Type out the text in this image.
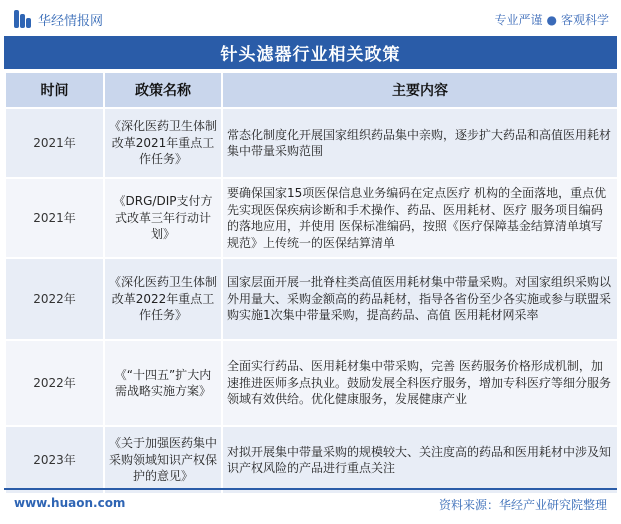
华经情报网	专业严谨 ● 客观科学
针头滤器行业相关政策
时间	政策名称	主要内容
2021年	《深化医药卫生体制改革2021年重点工作任务》	常态化制度化开展国家组织药品集中亲购，逐步扩大药品和高值医用耗材集中带量采购范围
2021年	《DRG/DIP支付方式改革三年行动计划》	要确保国家15项医保信息业务编码在定点医疗 机构的全面落地，重点优先实现医保疾病诊断和手术操作、药品、医用耗材、医疗 服务项目编码的落地应用，并使用 医保标准编码，按照《医疗保障基金结算清单填写规范》上传统一的医保结算清单
2022年	《深化医药卫生体制改革2022年重点工作任务》	国家层面开展一批脊柱类高值医用耗材集中带量采购。对国家组织采购以外用量大、采购金额高的药品耗材，指导各省份至少各实施或参与联盟采购实施1次集中带量采购，提高药品、高值 医用耗材网采率
2022年	《“十四五”扩大内需战略实施方案》	全面实行药品、医用耗材集中带采购，完善 医药服务价格形成机制，加速推进医师多点执业。鼓励发展全科医疗服务，增加专科医疗等细分服务领域有效供给。优化健康服务，发展健康产业
2023年	《关于加强医药集中采购领域知识产权保护的意见》	对拟开展集中带量采购的规模较大、关注度高的药品和医用耗材中涉及知识产权风险的产品进行重点关注
www.huaon.com	资料来源：华经产业研究院整理
